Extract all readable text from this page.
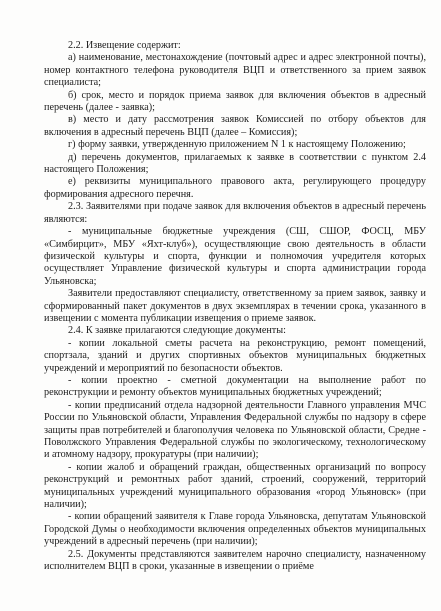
2.2. Извещение содержит:

а) наименование, местонахождение (почтовый адрес и адрес электронной почты), номер контактного телефона руководителя ВЦП и ответственного за прием заявок специалиста;

б) срок, место и порядок приема заявок для включения объектов в адресный перечень (далее - заявка);

в) место и дату рассмотрения заявок Комиссией по отбору объектов для включения в адресный перечень ВЦП (далее – Комиссия);

г) форму заявки, утвержденную приложением N 1 к настоящему Положению;

д) перечень документов, прилагаемых к заявке в соответствии с пунктом 2.4 настоящего Положения;

е) реквизиты муниципального правового акта, регулирующего процедуру формирования адресного перечня.

2.3. Заявителями при подаче заявок для включения объектов в адресный перечень являются:

- муниципальные бюджетные учреждения (СШ, СШОР, ФОСЦ, МБУ «Симбирцит», МБУ «Яхт-клуб»), осуществляющие свою деятельность в области физической культуры и спорта, функции и полномочия учредителя которых осуществляет Управление физической культуры и спорта администрации города Ульяновска;

Заявители предоставляют специалисту, ответственному за прием заявок, заявку и сформированный пакет документов в двух экземплярах в течении срока, указанного в извещении с момента публикации извещения о приеме заявок.

2.4. К заявке прилагаются следующие документы:

- копии локальной сметы расчета на реконструкцию, ремонт помещений, спортзала, зданий и других спортивных объектов муниципальных бюджетных учреждений и мероприятий по безопасности объектов.

- копии проектно - сметной документации на выполнение работ по реконструкции и ремонту объектов муниципальных бюджетных учреждений;

- копии предписаний отдела надзорной деятельности Главного управления МЧС России по Ульяновской области, Управления Федеральной службы по надзору в сфере защиты прав потребителей и благополучия человека по Ульяновской области, Средне - Поволжского Управления Федеральной службы по экологическому, технологическому и атомному надзору, прокуратуры (при наличии);

- копии жалоб и обращений граждан, общественных организаций по вопросу реконструкций и ремонтных работ зданий, строений, сооружений, территорий муниципальных учреждений муниципального образования «город Ульяновск» (при наличии);

- копии обращений заявителя к Главе города Ульяновска, депутатам Ульяновской Городской Думы о необходимости включения определенных объектов муниципальных учреждений в адресный перечень (при наличии);

2.5. Документы представляются заявителем нарочно специалисту, назначенному исполнителем ВЦП в сроки, указанные в извещении о приёме
